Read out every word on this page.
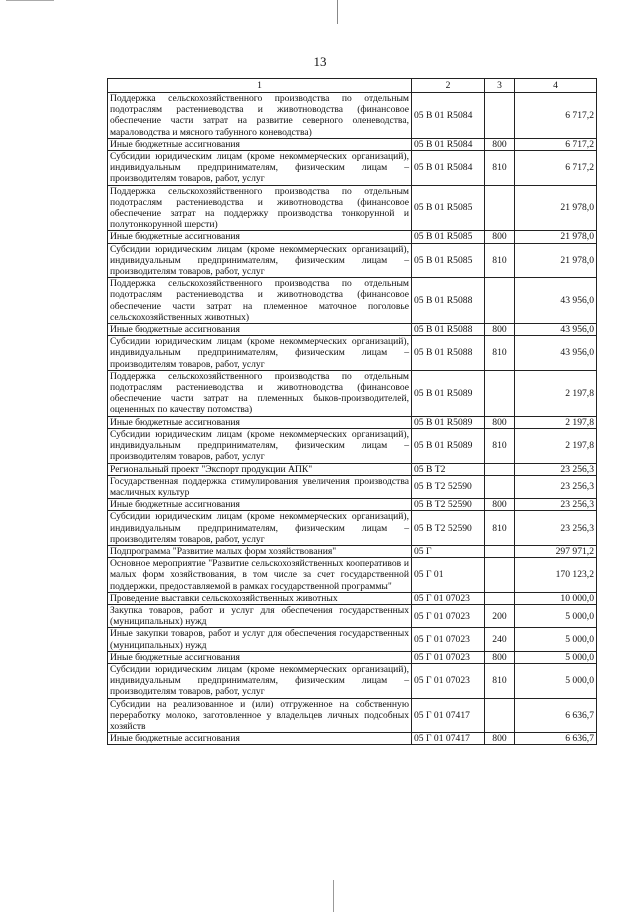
13
1	2	3	4
Поддержка сельскохозяйственного производства по отдельным подотраслям растениеводства и животноводства (финансовое обеспечение части затрат на развитие северного оленеводства, мараловодства и мясного табунного коневодства)	05 В 01 R5084		6 717,2
Иные бюджетные ассигнования	05 В 01 R5084	800	6 717,2
Субсидии юридическим лицам (кроме некоммерческих организаций), индивидуальным предпринимателям, физическим лицам – производителям товаров, работ, услуг	05 В 01 R5084	810	6 717,2
Поддержка сельскохозяйственного производства по отдельным подотраслям растениеводства и животноводства (финансовое обеспечение затрат на поддержку производства тонкорунной и полутонкорунной шерсти)	05 В 01 R5085		21 978,0
Иные бюджетные ассигнования	05 В 01 R5085	800	21 978,0
Субсидии юридическим лицам (кроме некоммерческих организаций), индивидуальным предпринимателям, физическим лицам – производителям товаров, работ, услуг	05 В 01 R5085	810	21 978,0
Поддержка сельскохозяйственного производства по отдельным подотраслям растениеводства и животноводства (финансовое обеспечение части затрат на племенное маточное поголовье сельскохозяйственных животных)	05 В 01 R5088		43 956,0
Иные бюджетные ассигнования	05 В 01 R5088	800	43 956,0
Субсидии юридическим лицам (кроме некоммерческих организаций), индивидуальным предпринимателям, физическим лицам – производителям товаров, работ, услуг	05 В 01 R5088	810	43 956,0
Поддержка сельскохозяйственного производства по отдельным подотраслям растениеводства и животноводства (финансовое обеспечение части затрат на племенных быков-производителей, оцененных по качеству потомства)	05 В 01 R5089		2 197,8
Иные бюджетные ассигнования	05 В 01 R5089	800	2 197,8
Субсидии юридическим лицам (кроме некоммерческих организаций), индивидуальным предпринимателям, физическим лицам – производителям товаров, работ, услуг	05 В 01 R5089	810	2 197,8
Региональный проект "Экспорт продукции АПК"	05 В Т2		23 256,3
Государственная поддержка стимулирования увеличения производства масличных культур	05 В Т2 52590		23 256,3
Иные бюджетные ассигнования	05 В Т2 52590	800	23 256,3
Субсидии юридическим лицам (кроме некоммерческих организаций), индивидуальным предпринимателям, физическим лицам – производителям товаров, работ, услуг	05 В Т2 52590	810	23 256,3
Подпрограмма "Развитие малых форм хозяйствования"	05 Г		297 971,2
Основное мероприятие "Развитие сельскохозяйственных кооперативов и малых форм хозяйствования, в том числе за счет государственной поддержки, предоставляемой в рамках государственной программы"	05 Г 01		170 123,2
Проведение выставки сельскохозяйственных животных	05 Г 01 07023		10 000,0
Закупка товаров, работ и услуг для обеспечения государственных (муниципальных) нужд	05 Г 01 07023	200	5 000,0
Иные закупки товаров, работ и услуг для обеспечения государственных (муниципальных) нужд	05 Г 01 07023	240	5 000,0
Иные бюджетные ассигнования	05 Г 01 07023	800	5 000,0
Субсидии юридическим лицам (кроме некоммерческих организаций), индивидуальным предпринимателям, физическим лицам – производителям товаров, работ, услуг	05 Г 01 07023	810	5 000,0
Субсидии на реализованное и (или) отгруженное на собственную переработку молоко, заготовленное у владельцев личных подсобных хозяйств	05 Г 01 07417		6 636,7
Иные бюджетные ассигнования	05 Г 01 07417	800	6 636,7
